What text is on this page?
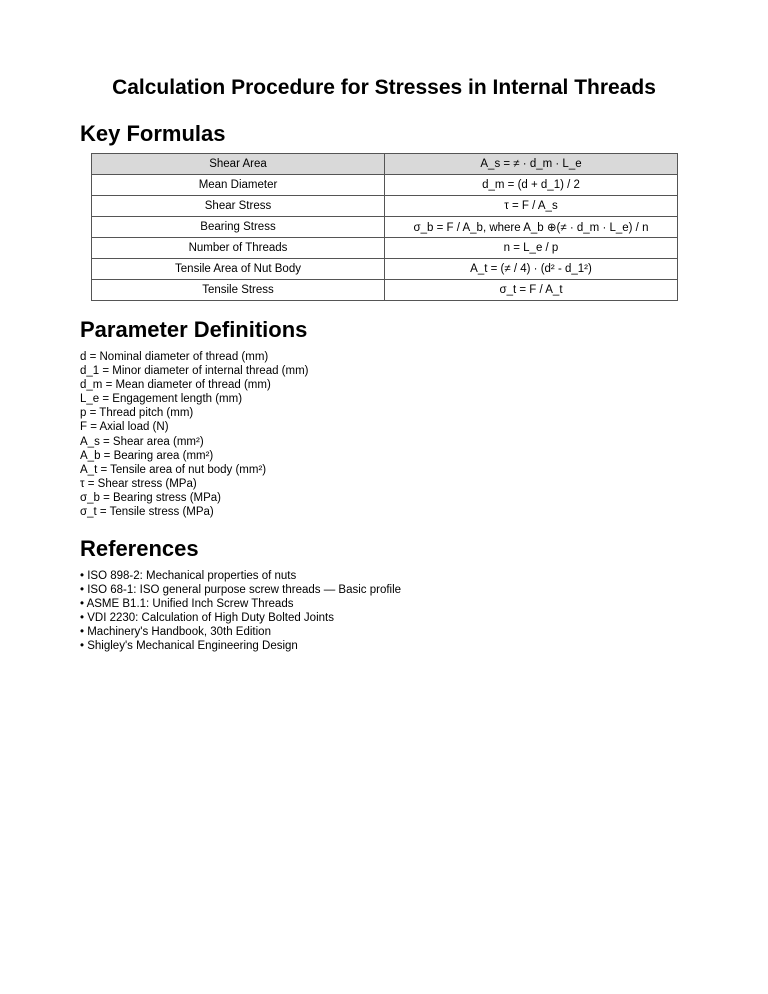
Calculation Procedure for Stresses in Internal Threads
Key Formulas
Shear Area	A_s = ≠ · d_m · L_e
Mean Diameter	d_m = (d + d_1) / 2
Shear Stress	τ = F / A_s
Bearing Stress	σ_b = F / A_b, where A_b ⊕(≠ · d_m · L_e) / n
Number of Threads	n = L_e / p
Tensile Area of Nut Body	A_t = (≠ / 4) · (d² - d_1²)
Tensile Stress	σ_t = F / A_t
Parameter Definitions
d = Nominal diameter of thread (mm)
d_1 = Minor diameter of internal thread (mm)
d_m = Mean diameter of thread (mm)
L_e = Engagement length (mm)
p = Thread pitch (mm)
F = Axial load (N)
A_s = Shear area (mm²)
A_b = Bearing area (mm²)
A_t = Tensile area of nut body (mm²)
τ = Shear stress (MPa)
σ_b = Bearing stress (MPa)
σ_t = Tensile stress (MPa)
References
• ISO 898-2: Mechanical properties of nuts
• ISO 68-1: ISO general purpose screw threads — Basic profile
• ASME B1.1: Unified Inch Screw Threads
• VDI 2230: Calculation of High Duty Bolted Joints
• Machinery's Handbook, 30th Edition
• Shigley's Mechanical Engineering Design
